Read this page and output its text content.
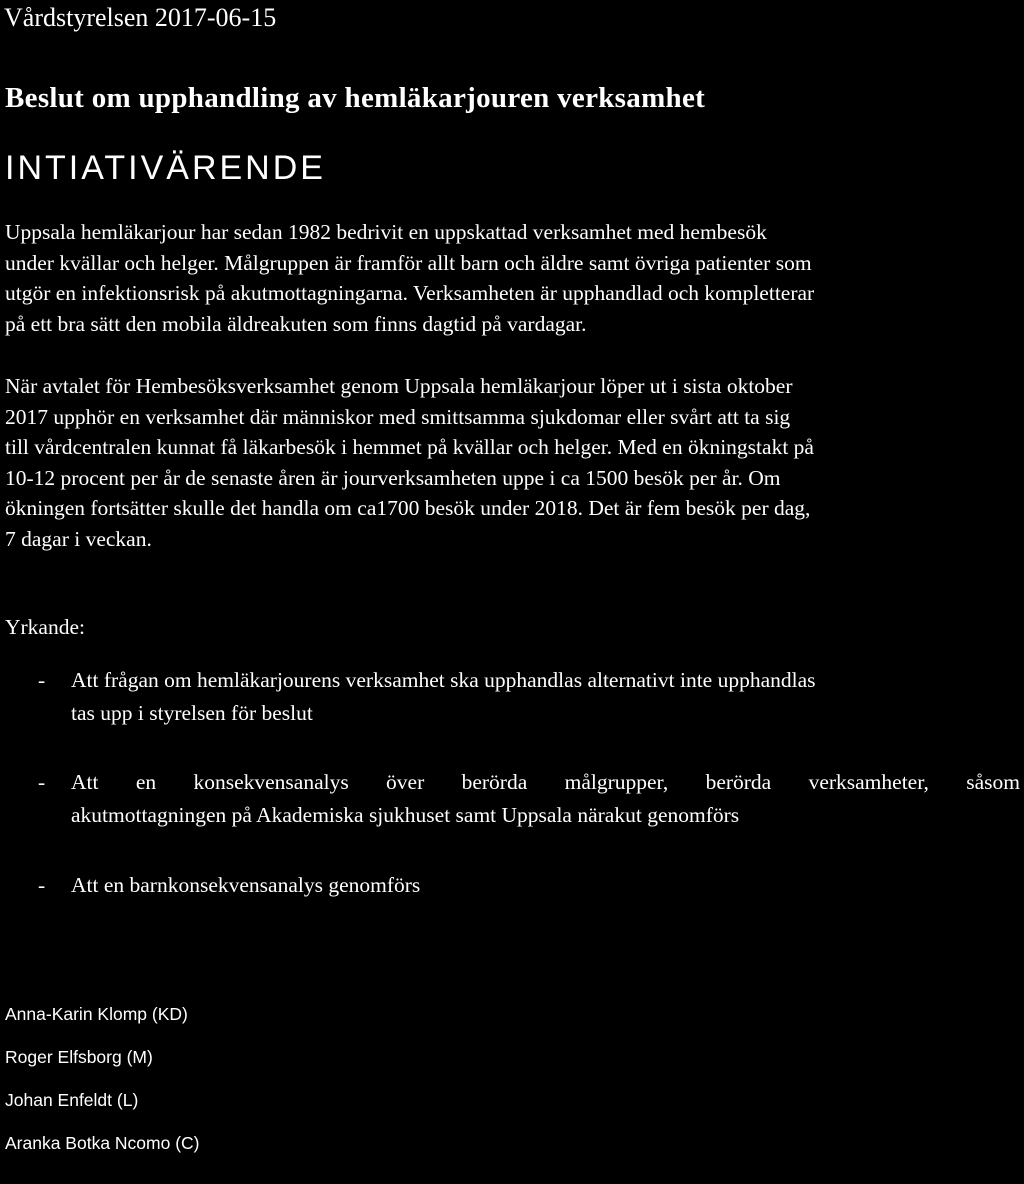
Vårdstyrelsen 2017-06-15
Beslut om upphandling av hemläkarjouren verksamhet
INTIATIVÄRENDE
Uppsala hemläkarjour har sedan 1982 bedrivit en uppskattad verksamhet med hembesök
under kvällar och helger. Målgruppen är framför allt barn och äldre samt övriga patienter som
utgör en infektionsrisk på akutmottagningarna. Verksamheten är upphandlad och kompletterar
på ett bra sätt den mobila äldreakuten som finns dagtid på vardagar.
När avtalet för Hembesöksverksamhet genom Uppsala hemläkarjour löper ut i sista oktober
2017 upphör en verksamhet där människor med smittsamma sjukdomar eller svårt att ta sig
till vårdcentralen kunnat få läkarbesök i hemmet på kvällar och helger. Med en ökningstakt på
10-12 procent per år de senaste åren är jourverksamheten uppe i ca 1500 besök per år. Om
ökningen fortsätter skulle det handla om ca1700 besök under 2018. Det är fem besök per dag,
7 dagar i veckan.
Yrkande:
-	Att frågan om hemläkarjourens verksamhet ska upphandlas alternativt inte upphandlas
tas upp i styrelsen för beslut
-	Att en konsekvensanalys över berörda målgrupper, berörda verksamheter, såsom
akutmottagningen på Akademiska sjukhuset samt Uppsala närakut genomförs
-	Att en barnkonsekvensanalys genomförs
Anna-Karin Klomp (KD)
Roger Elfsborg (M)
Johan Enfeldt (L)
Aranka Botka Ncomo (C)
